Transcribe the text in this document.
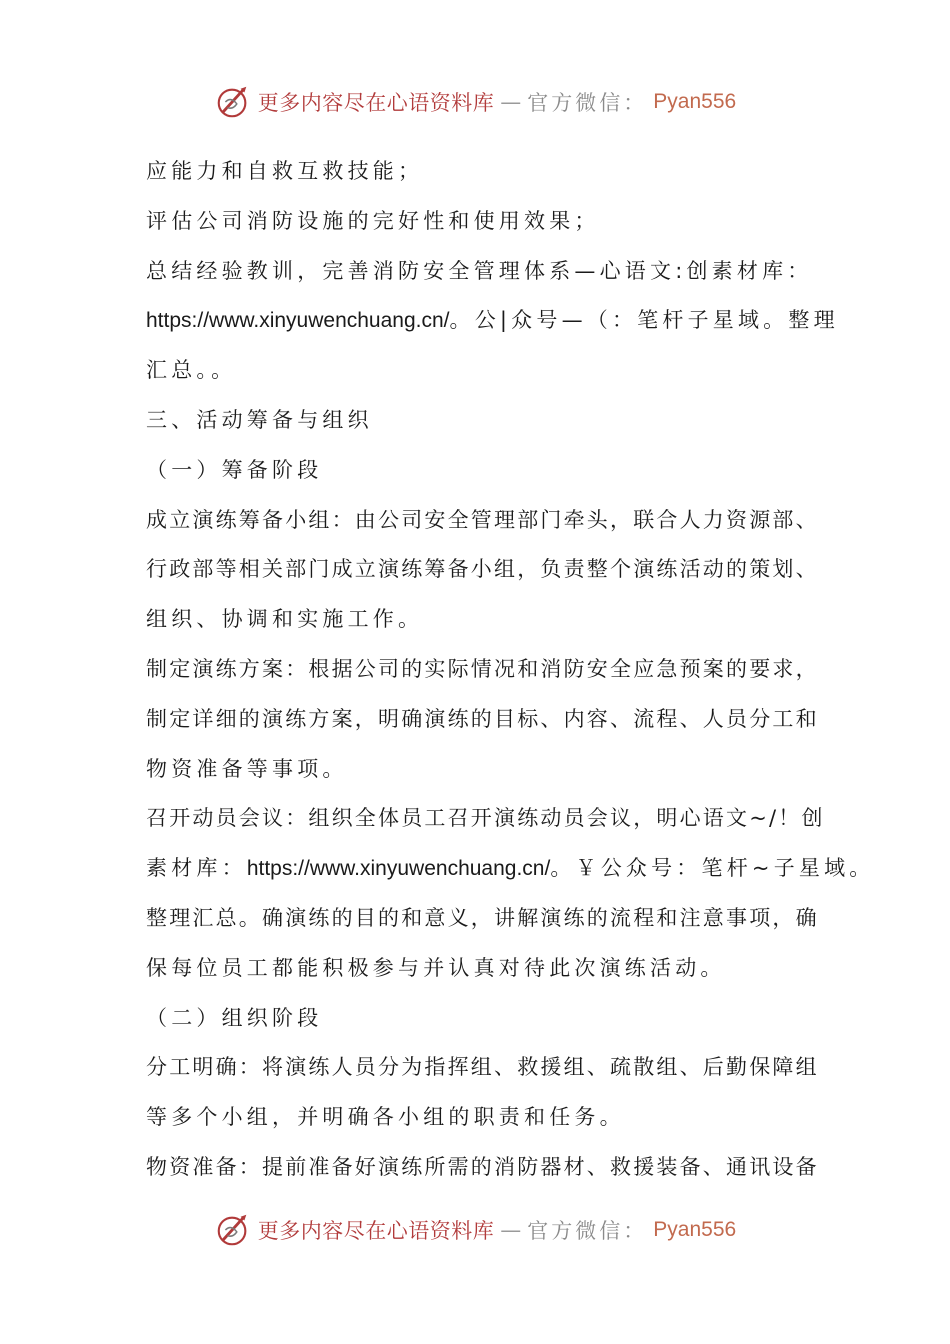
更多内容尽在心语资料库 — 官方微信： Pyan556
应能力和自救互救技能；
评估公司消防设施的完好性和使用效果；
总结经验教训，完善消防安全管理体系—心语文:创素材库：
https://www.xinyuwenchuang.cn/。公|众号—（：笔杆子星域。整理
汇总。。
三、活动筹备与组织
（一）筹备阶段
成立演练筹备小组：由公司安全管理部门牵头，联合人力资源部、
行政部等相关部门成立演练筹备小组，负责整个演练活动的策划、
组织、协调和实施工作。
制定演练方案：根据公司的实际情况和消防安全应急预案的要求，
制定详细的演练方案，明确演练的目标、内容、流程、人员分工和
物资准备等事项。
召开动员会议：组织全体员工召开演练动员会议，明心语文~/！创
素材库：https://www.xinyuwenchuang.cn/。￥公众号：笔杆~子星域。
整理汇总。确演练的目的和意义，讲解演练的流程和注意事项，确
保每位员工都能积极参与并认真对待此次演练活动。
（二）组织阶段
分工明确：将演练人员分为指挥组、救援组、疏散组、后勤保障组
等多个小组，并明确各小组的职责和任务。
物资准备：提前准备好演练所需的消防器材、救援装备、通讯设备
更多内容尽在心语资料库 — 官方微信： Pyan556
